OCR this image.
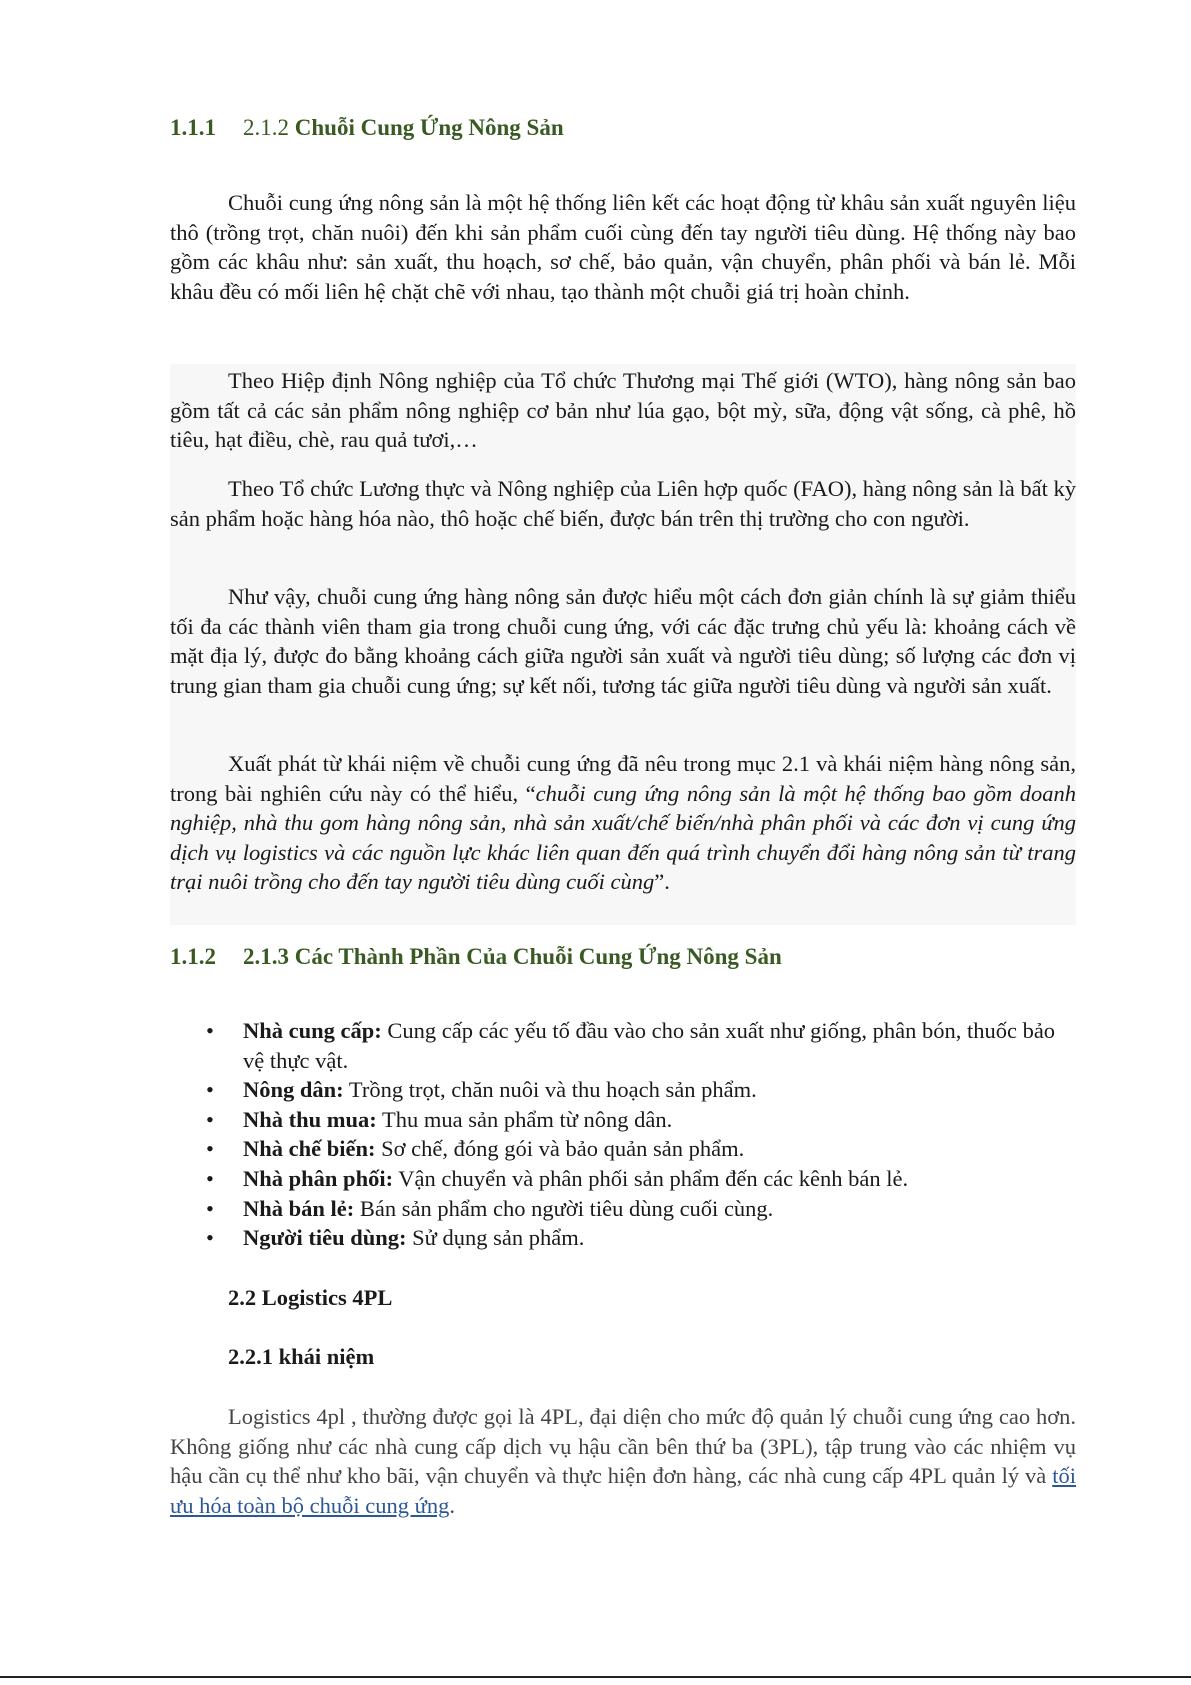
1.1.1 2.1.2 Chuỗi Cung Ứng Nông Sản

Chuỗi cung ứng nông sản là một hệ thống liên kết các hoạt động từ khâu sản xuất nguyên liệu thô (trồng trọt, chăn nuôi) đến khi sản phẩm cuối cùng đến tay người tiêu dùng. Hệ thống này bao gồm các khâu như: sản xuất, thu hoạch, sơ chế, bảo quản, vận chuyển, phân phối và bán lẻ. Mỗi khâu đều có mối liên hệ chặt chẽ với nhau, tạo thành một chuỗi giá trị hoàn chỉnh.

Theo Hiệp định Nông nghiệp của Tổ chức Thương mại Thế giới (WTO), hàng nông sản bao gồm tất cả các sản phẩm nông nghiệp cơ bản như lúa gạo, bột mỳ, sữa, động vật sống, cà phê, hồ tiêu, hạt điều, chè, rau quả tươi,…

Theo Tổ chức Lương thực và Nông nghiệp của Liên hợp quốc (FAO), hàng nông sản là bất kỳ sản phẩm hoặc hàng hóa nào, thô hoặc chế biến, được bán trên thị trường cho con người.

Như vậy, chuỗi cung ứng hàng nông sản được hiểu một cách đơn giản chính là sự giảm thiểu tối đa các thành viên tham gia trong chuỗi cung ứng, với các đặc trưng chủ yếu là: khoảng cách về mặt địa lý, được đo bằng khoảng cách giữa người sản xuất và người tiêu dùng; số lượng các đơn vị trung gian tham gia chuỗi cung ứng; sự kết nối, tương tác giữa người tiêu dùng và người sản xuất.

Xuất phát từ khái niệm về chuỗi cung ứng đã nêu trong mục 2.1 và khái niệm hàng nông sản, trong bài nghiên cứu này có thể hiểu, “chuỗi cung ứng nông sản là một hệ thống bao gồm doanh nghiệp, nhà thu gom hàng nông sản, nhà sản xuất/chế biến/nhà phân phối và các đơn vị cung ứng dịch vụ logistics và các nguồn lực khác liên quan đến quá trình chuyển đổi hàng nông sản từ trang trại nuôi trồng cho đến tay người tiêu dùng cuối cùng”.

1.1.2 2.1.3 Các Thành Phần Của Chuỗi Cung Ứng Nông Sản
• Nhà cung cấp: Cung cấp các yếu tố đầu vào cho sản xuất như giống, phân bón, thuốc bảo vệ thực vật.
• Nông dân: Trồng trọt, chăn nuôi và thu hoạch sản phẩm.
• Nhà thu mua: Thu mua sản phẩm từ nông dân.
• Nhà chế biến: Sơ chế, đóng gói và bảo quản sản phẩm.
• Nhà phân phối: Vận chuyển và phân phối sản phẩm đến các kênh bán lẻ.
• Nhà bán lẻ: Bán sản phẩm cho người tiêu dùng cuối cùng.
• Người tiêu dùng: Sử dụng sản phẩm.
2.2 Logistics 4PL
2.2.1 khái niệm

Logistics 4pl , thường được gọi là 4PL, đại diện cho mức độ quản lý chuỗi cung ứng cao hơn. Không giống như các nhà cung cấp dịch vụ hậu cần bên thứ ba (3PL), tập trung vào các nhiệm vụ hậu cần cụ thể như kho bãi, vận chuyển và thực hiện đơn hàng, các nhà cung cấp 4PL quản lý và tối ưu hóa toàn bộ chuỗi cung ứng.
